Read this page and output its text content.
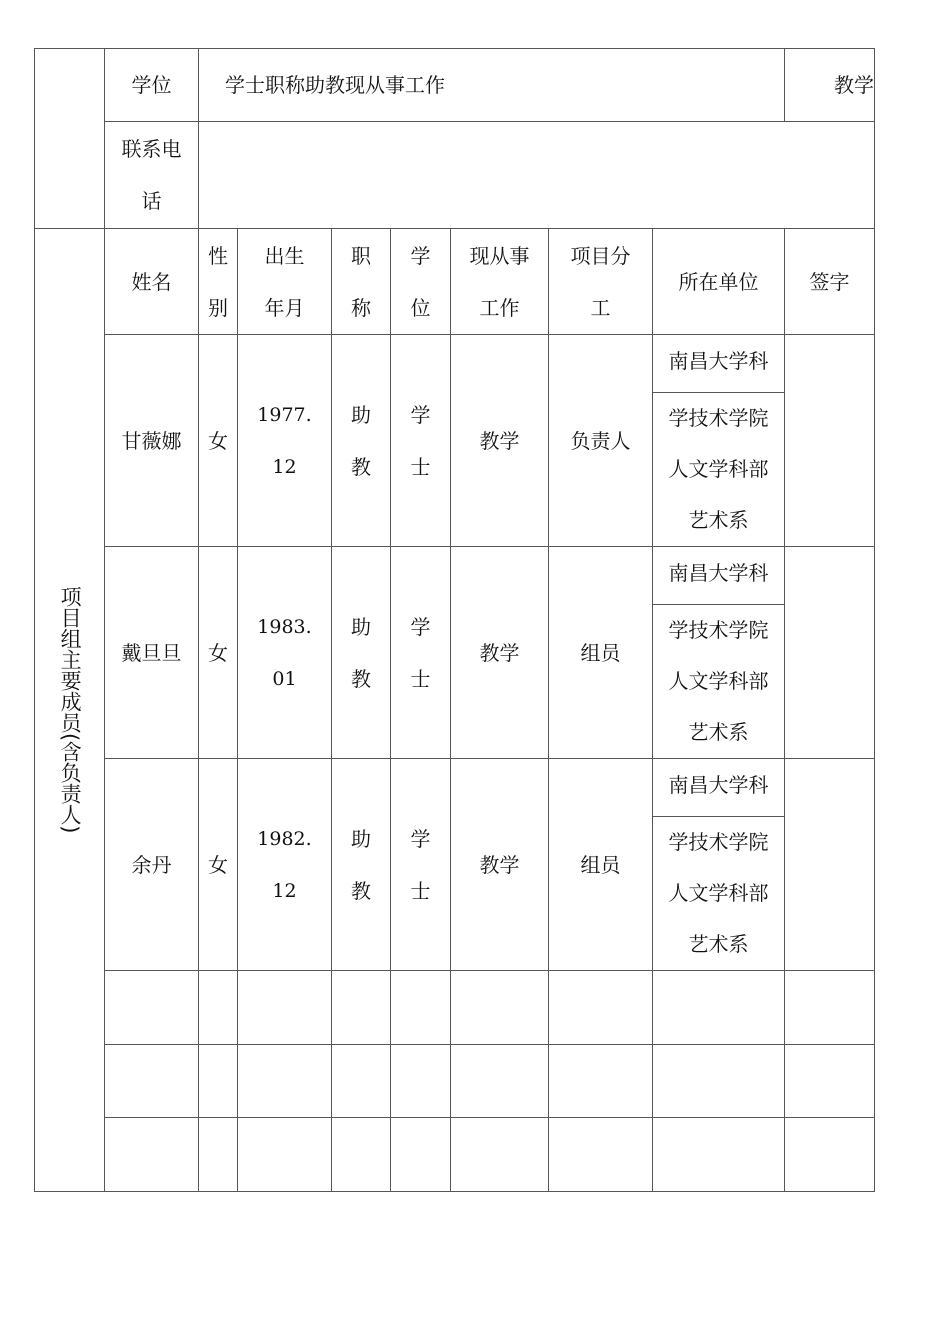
	学位	学士职称助教现从事工作							教学

	联系电话								

项目组主要成员(含负责人)	姓名	性别	出生年月	职称	学位	现从事工作	项目分工	所在单位	签字
	甘薇娜	女	1977.12	助教	学士	教学	负责人	南昌大学科
学技术学院人文学科部艺术系	

	戴旦旦	女	1983.01	助教	学士	教学	组员	南昌大学科
学技术学院人文学科部艺术系	

	余丹	女	1982.12	助教	学士	教学	组员	南昌大学科
学技术学院人文学科部艺术系	
